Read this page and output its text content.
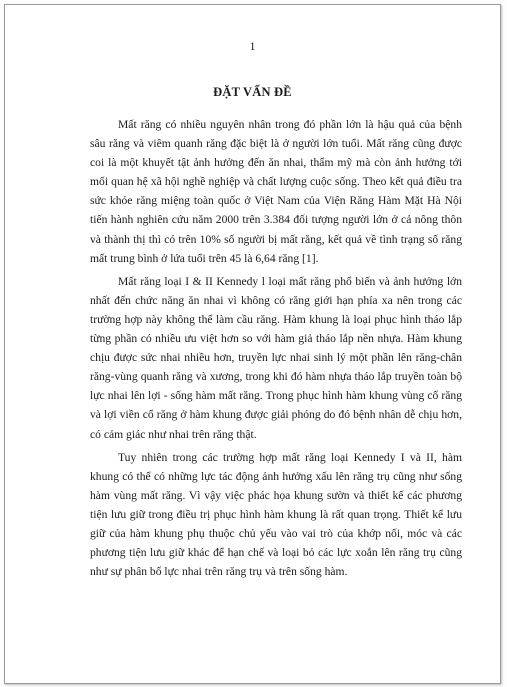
1
ĐẶT VẤN ĐỀ

Mất răng có nhiều nguyên nhân trong đó phần lớn là hậu quả của bệnh sâu răng và viêm quanh răng đặc biệt là ở người lớn tuổi. Mất răng cũng được coi là một khuyết tật ảnh hưởng đến ăn nhai, thẩm mỹ mà còn ảnh hưởng tới mối quan hệ xã hội nghề nghiệp và chất lượng cuộc sống. Theo kết quả điều tra sức khỏe răng miệng toàn quốc ở Việt Nam của Viện Răng Hàm Mặt Hà Nội tiến hành nghiên cứu năm 2000 trên 3.384 đối tượng người lớn ở cả nông thôn và thành thị thì có trên 10% số người bị mất răng, kết quả về tình trạng số răng mất trung bình ở lứa tuổi trên 45 là 6,64 răng [1].

Mất răng loại I & II Kennedy l loại mất răng phổ biến và ảnh hưởng lớn nhất đến chức năng ăn nhai vì không có răng giới hạn phía xa nên trong các trường hợp này không thể làm cầu răng. Hàm khung là loại phục hình tháo lắp từng phần có nhiều ưu việt hơn so với hàm giả tháo lắp nền nhựa. Hàm khung chịu được sức nhai nhiều hơn, truyền lực nhai sinh lý một phần lên răng-chân răng-vùng quanh răng và xương, trong khi đó hàm nhựa tháo lắp truyền toàn bộ lực nhai lên lợi - sống hàm mất răng. Trong phục hình hàm khung vùng cổ răng và lợi viền cổ răng ở hàm khung được giải phóng do đó bệnh nhân dễ chịu hơn, có cảm giác như nhai trên răng thật.

Tuy nhiên trong các trường hợp mất răng loại Kennedy I và II, hàm khung có thể có những lực tác động ảnh hưởng xấu lên răng trụ cũng như sống hàm vùng mất răng. Vì vậy việc phác họa khung sườn và thiết kế các phương tiện lưu giữ trong điều trị phục hình hàm khung là rất quan trọng. Thiết kế lưu giữ của hàm khung phụ thuộc chủ yếu vào vai trò của khớp nối, móc và các phương tiện lưu giữ khác để hạn chế và loại bỏ các lực xoắn lên răng trụ cũng như sự phân bố lực nhai trên răng trụ và trên sống hàm.
